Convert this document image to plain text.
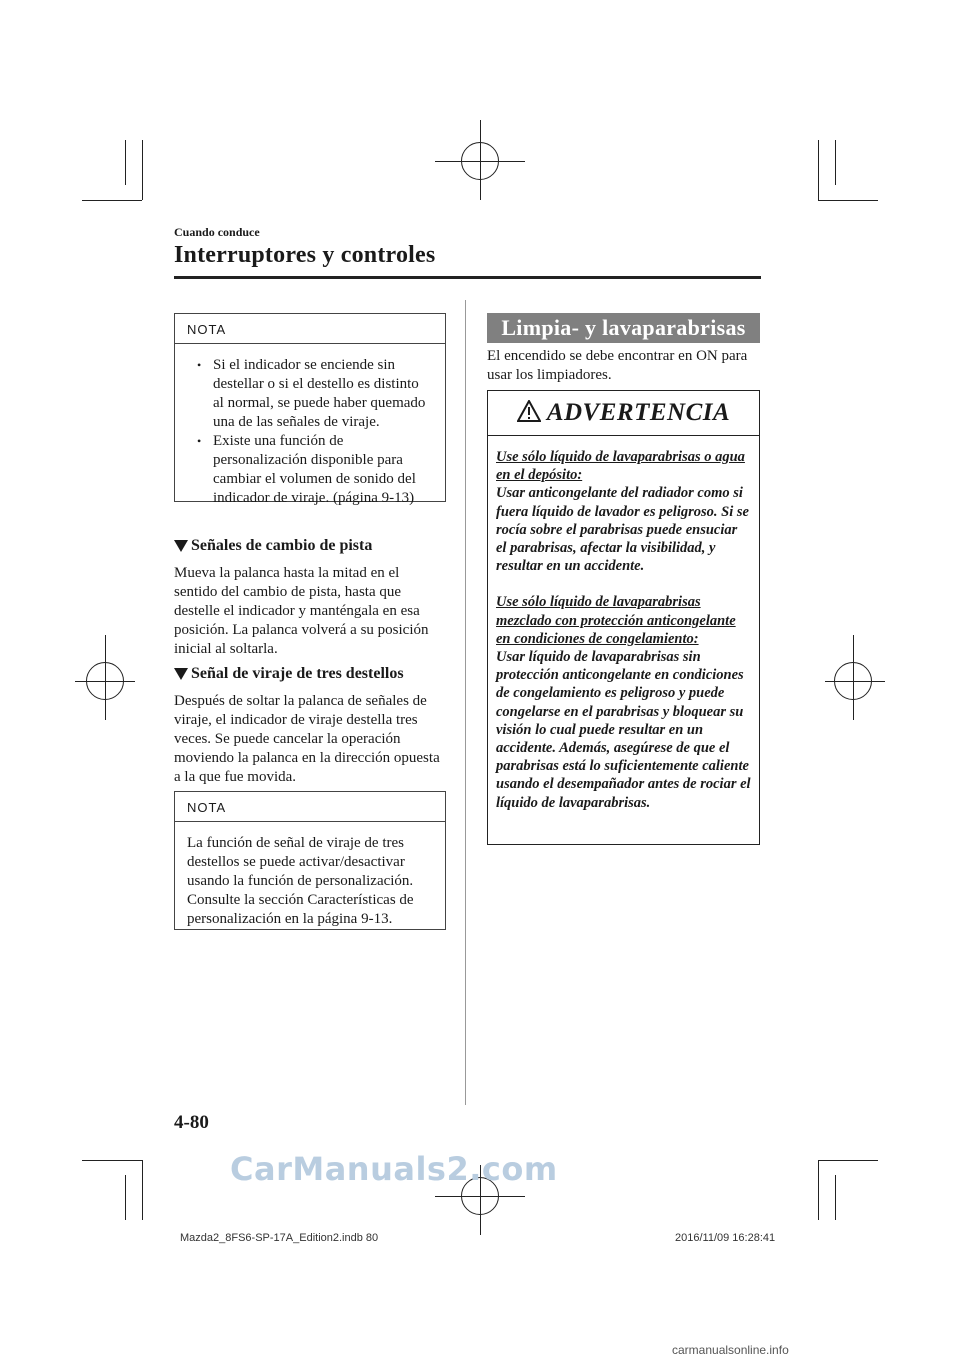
Cuando conduce
Interruptores y controles
NOTA
• Si el indicador se enciende sin destellar o si el destello es distinto al normal, se puede haber quemado una de las señales de viraje.
• Existe una función de personalización disponible para cambiar el volumen de sonido del indicador de viraje. (página 9-13)
Señales de cambio de pista
Mueva la palanca hasta la mitad en el sentido del cambio de pista, hasta que destelle el indicador y manténgala en esa posición. La palanca volverá a su posición inicial al soltarla.
Señal de viraje de tres destellos
Después de soltar la palanca de señales de viraje, el indicador de viraje destella tres veces. Se puede cancelar la operación moviendo la palanca en la dirección opuesta a la que fue movida.
NOTA
La función de señal de viraje de tres destellos se puede activar/desactivar usando la función de personalización. Consulte la sección Características de personalización en la página 9-13.
Limpia- y lavaparabrisas
El encendido se debe encontrar en ON para usar los limpiadores.
ADVERTENCIA
Use sólo líquido de lavaparabrisas o agua en el depósito:
Usar anticongelante del radiador como si fuera líquido de lavador es peligroso. Si se rocía sobre el parabrisas puede ensuciar el parabrisas, afectar la visibilidad, y resultar en un accidente.
Use sólo líquido de lavaparabrisas mezclado con protección anticongelante en condiciones de congelamiento:
Usar líquido de lavaparabrisas sin protección anticongelante en condiciones de congelamiento es peligroso y puede congelarse en el parabrisas y bloquear su visión lo cual puede resultar en un accidente. Además, asegúrese de que el parabrisas está lo suficientemente caliente usando el desempañador antes de rociar el líquido de lavaparabrisas.
4-80
CarManuals2.com
Mazda2_8FS6-SP-17A_Edition2.indb 80	2016/11/09 16:28:41
carmanualsonline.info
